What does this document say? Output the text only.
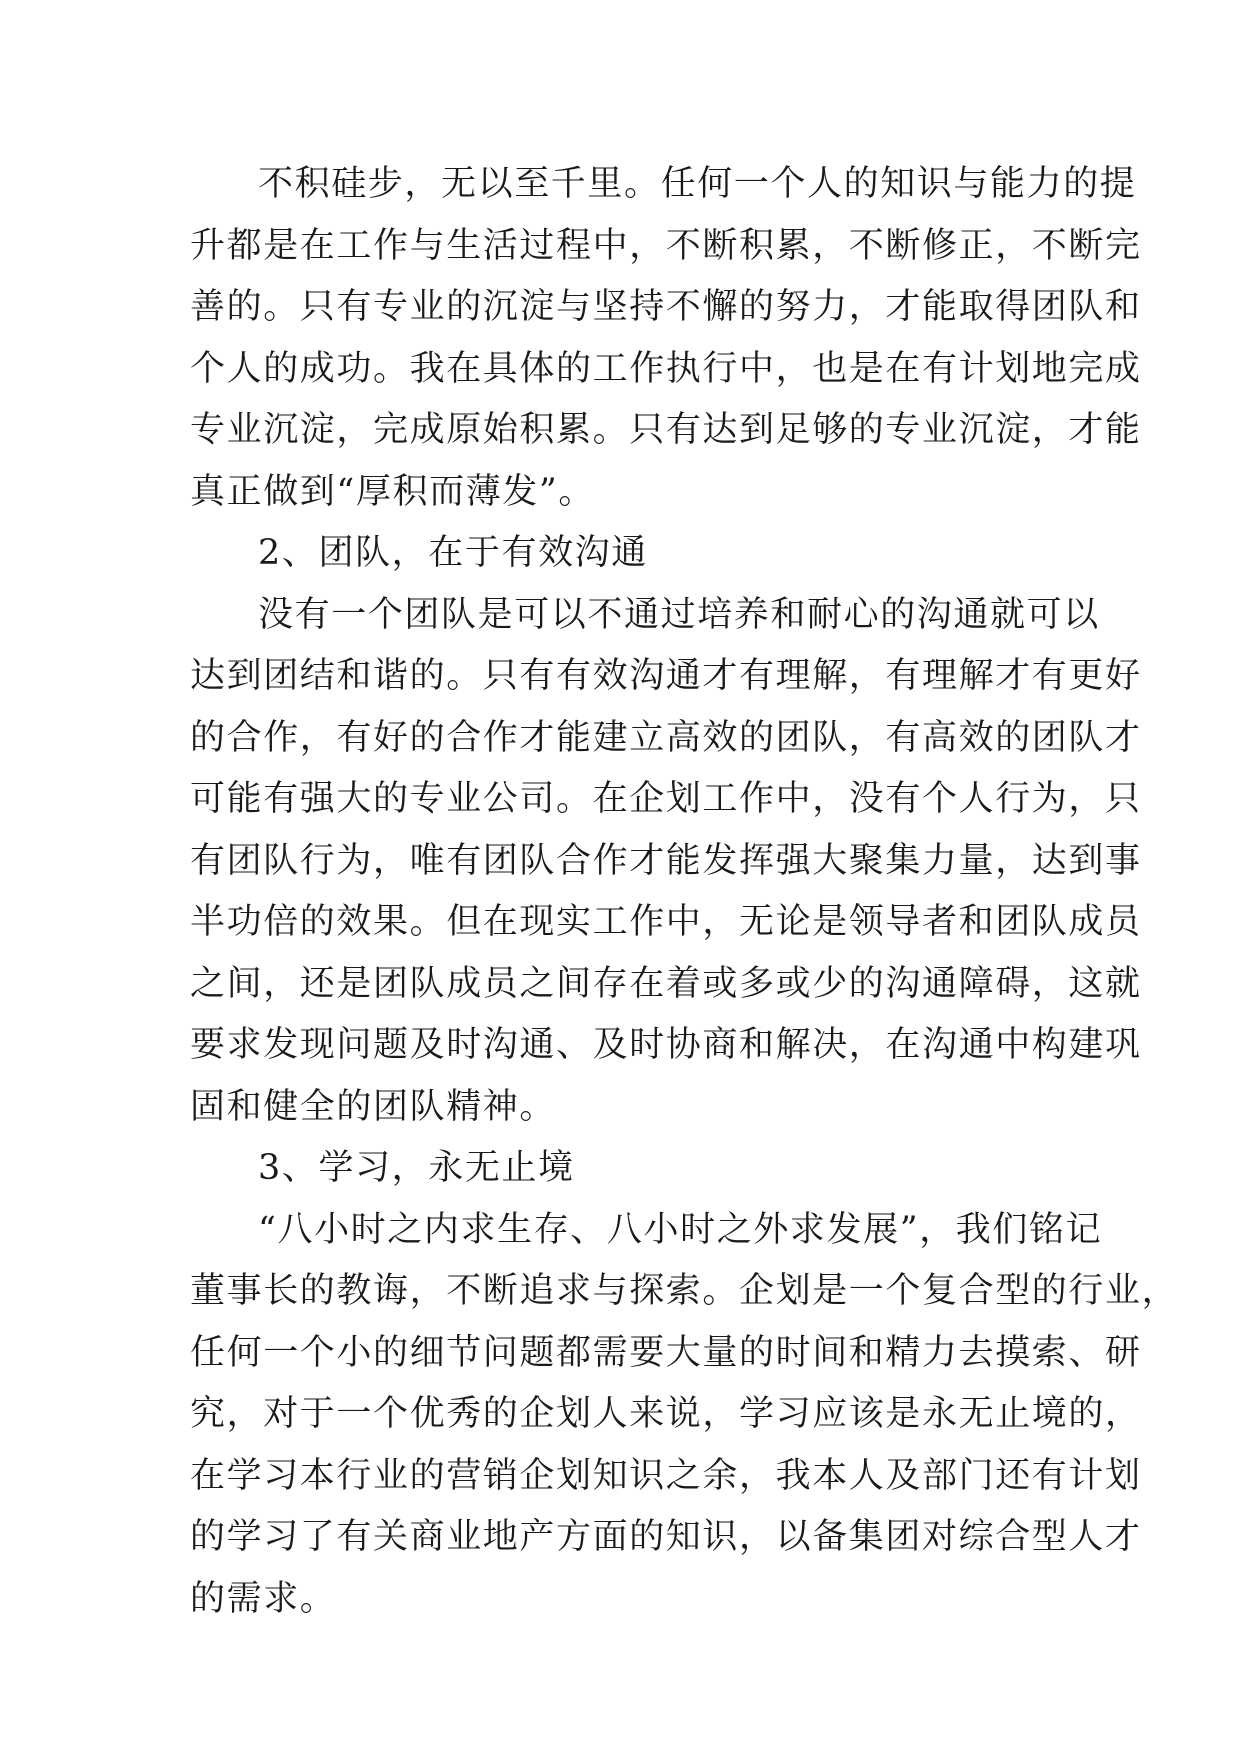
不积硅步，无以至千里。任何一个人的知识与能力的提
升都是在工作与生活过程中，不断积累，不断修正，不断完
善的。只有专业的沉淀与坚持不懈的努力，才能取得团队和
个人的成功。我在具体的工作执行中，也是在有计划地完成
专业沉淀，完成原始积累。只有达到足够的专业沉淀，才能
真正做到“厚积而薄发”。
2、团队，在于有效沟通
没有一个团队是可以不通过培养和耐心的沟通就可以
达到团结和谐的。只有有效沟通才有理解，有理解才有更好
的合作，有好的合作才能建立高效的团队，有高效的团队才
可能有强大的专业公司。在企划工作中，没有个人行为，只
有团队行为，唯有团队合作才能发挥强大聚集力量，达到事
半功倍的效果。但在现实工作中，无论是领导者和团队成员
之间，还是团队成员之间存在着或多或少的沟通障碍，这就
要求发现问题及时沟通、及时协商和解决，在沟通中构建巩
固和健全的团队精神。
3、学习，永无止境
“八小时之内求生存、八小时之外求发展”，我们铭记
董事长的教诲，不断追求与探索。企划是一个复合型的行业，
任何一个小的细节问题都需要大量的时间和精力去摸索、研
究，对于一个优秀的企划人来说，学习应该是永无止境的，
在学习本行业的营销企划知识之余，我本人及部门还有计划
的学习了有关商业地产方面的知识，以备集团对综合型人才
的需求。
